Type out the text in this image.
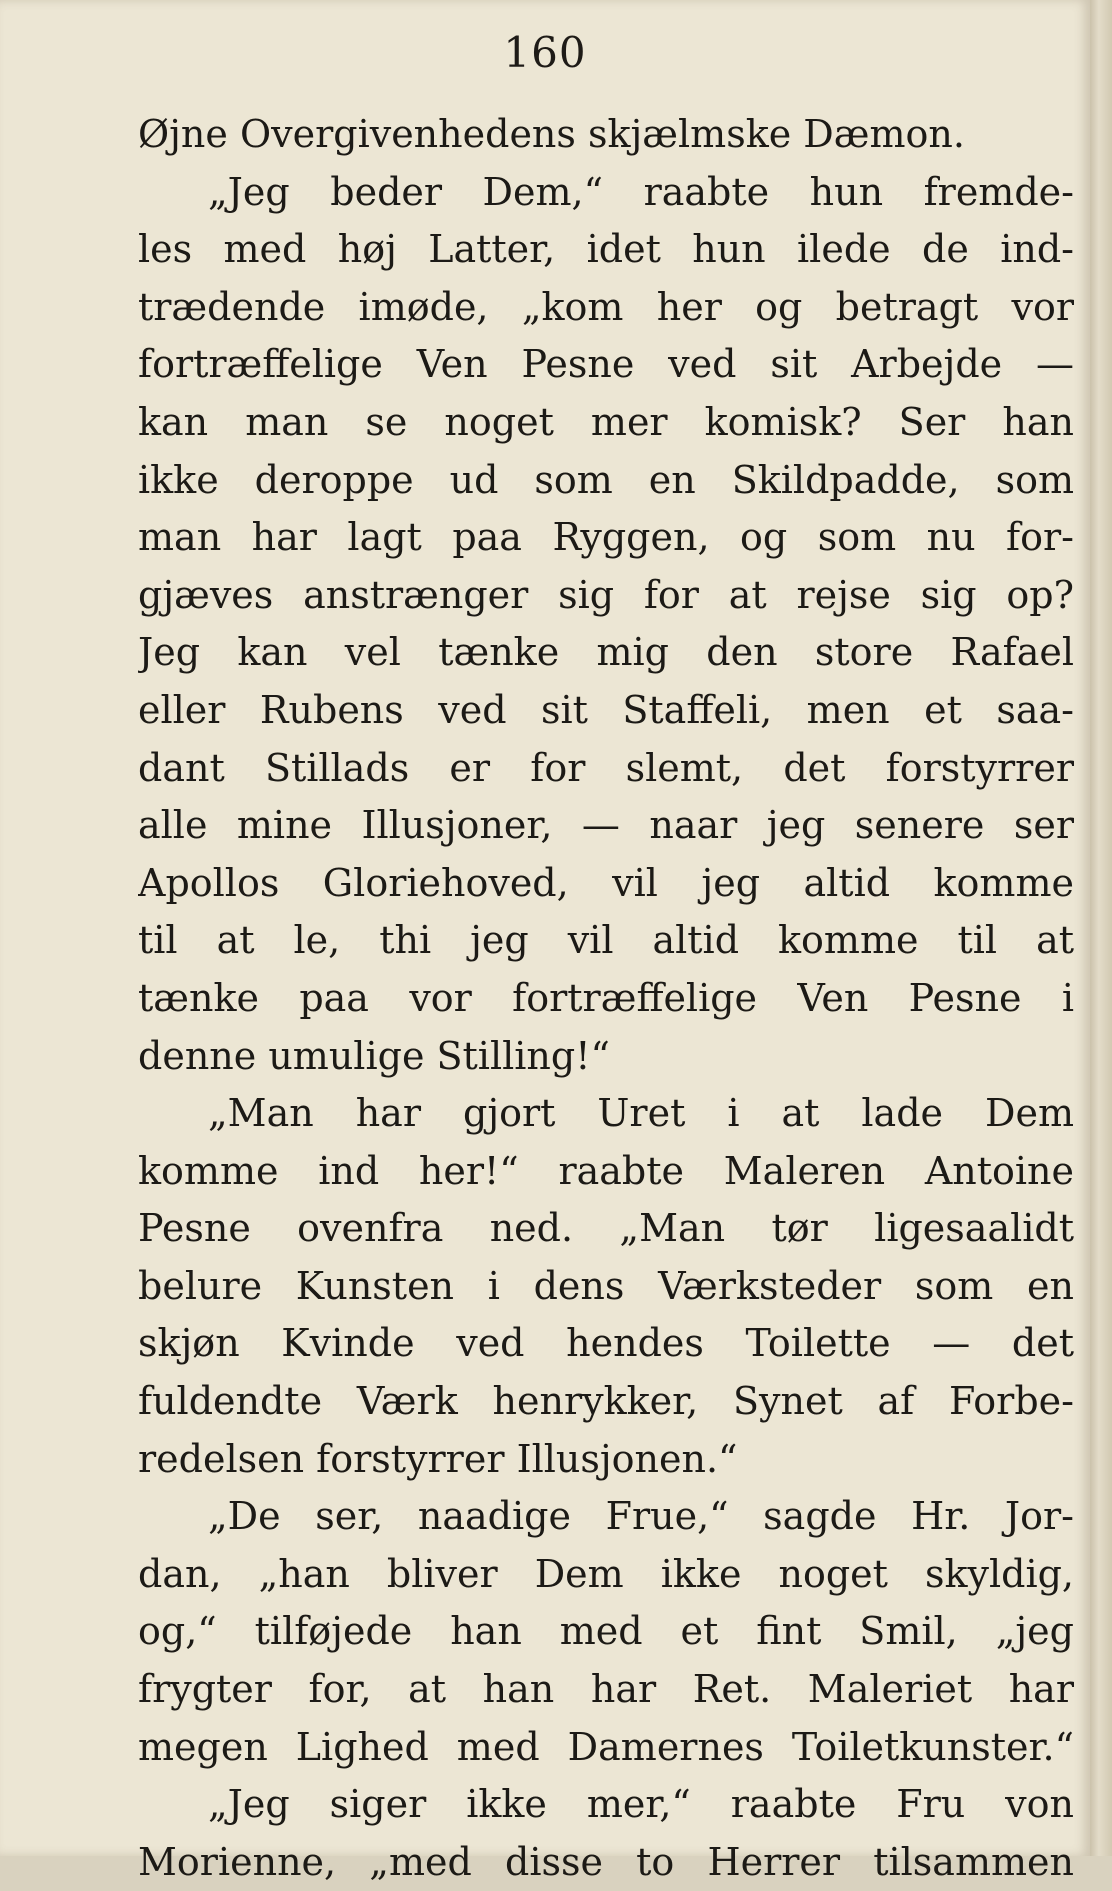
160
Øjne Overgivenhedens skjælmske Dæmon.
„Jeg beder Dem,“ raabte hun fremde-
les med høj Latter, idet hun ilede de ind-
trædende imøde, „kom her og betragt vor
fortræffelige Ven Pesne ved sit Arbejde —
kan man se noget mer komisk? Ser han
ikke deroppe ud som en Skildpadde, som
man har lagt paa Ryggen, og som nu for-
gjæves anstrænger sig for at rejse sig op?
Jeg kan vel tænke mig den store Rafael
eller Rubens ved sit Staffeli, men et saa-
dant Stillads er for slemt, det forstyrrer
alle mine Illusjoner, — naar jeg senere ser
Apollos Gloriehoved, vil jeg altid komme
til at le, thi jeg vil altid komme til at
tænke paa vor fortræffelige Ven Pesne i
denne umulige Stilling!“
„Man har gjort Uret i at lade Dem
komme ind her!“ raabte Maleren Antoine
Pesne ovenfra ned. „Man tør ligesaalidt
belure Kunsten i dens Værksteder som en
skjøn Kvinde ved hendes Toilette — det
fuldendte Værk henrykker, Synet af Forbe-
redelsen forstyrrer Illusjonen.“
„De ser, naadige Frue,“ sagde Hr. Jor-
dan, „han bliver Dem ikke noget skyldig,
og,“ tilføjede han med et fint Smil, „jeg
frygter for, at han har Ret. Maleriet har
megen Lighed med Damernes Toiletkunster.“
„Jeg siger ikke mer,“ raabte Fru von
Morienne, „med disse to Herrer tilsammen
